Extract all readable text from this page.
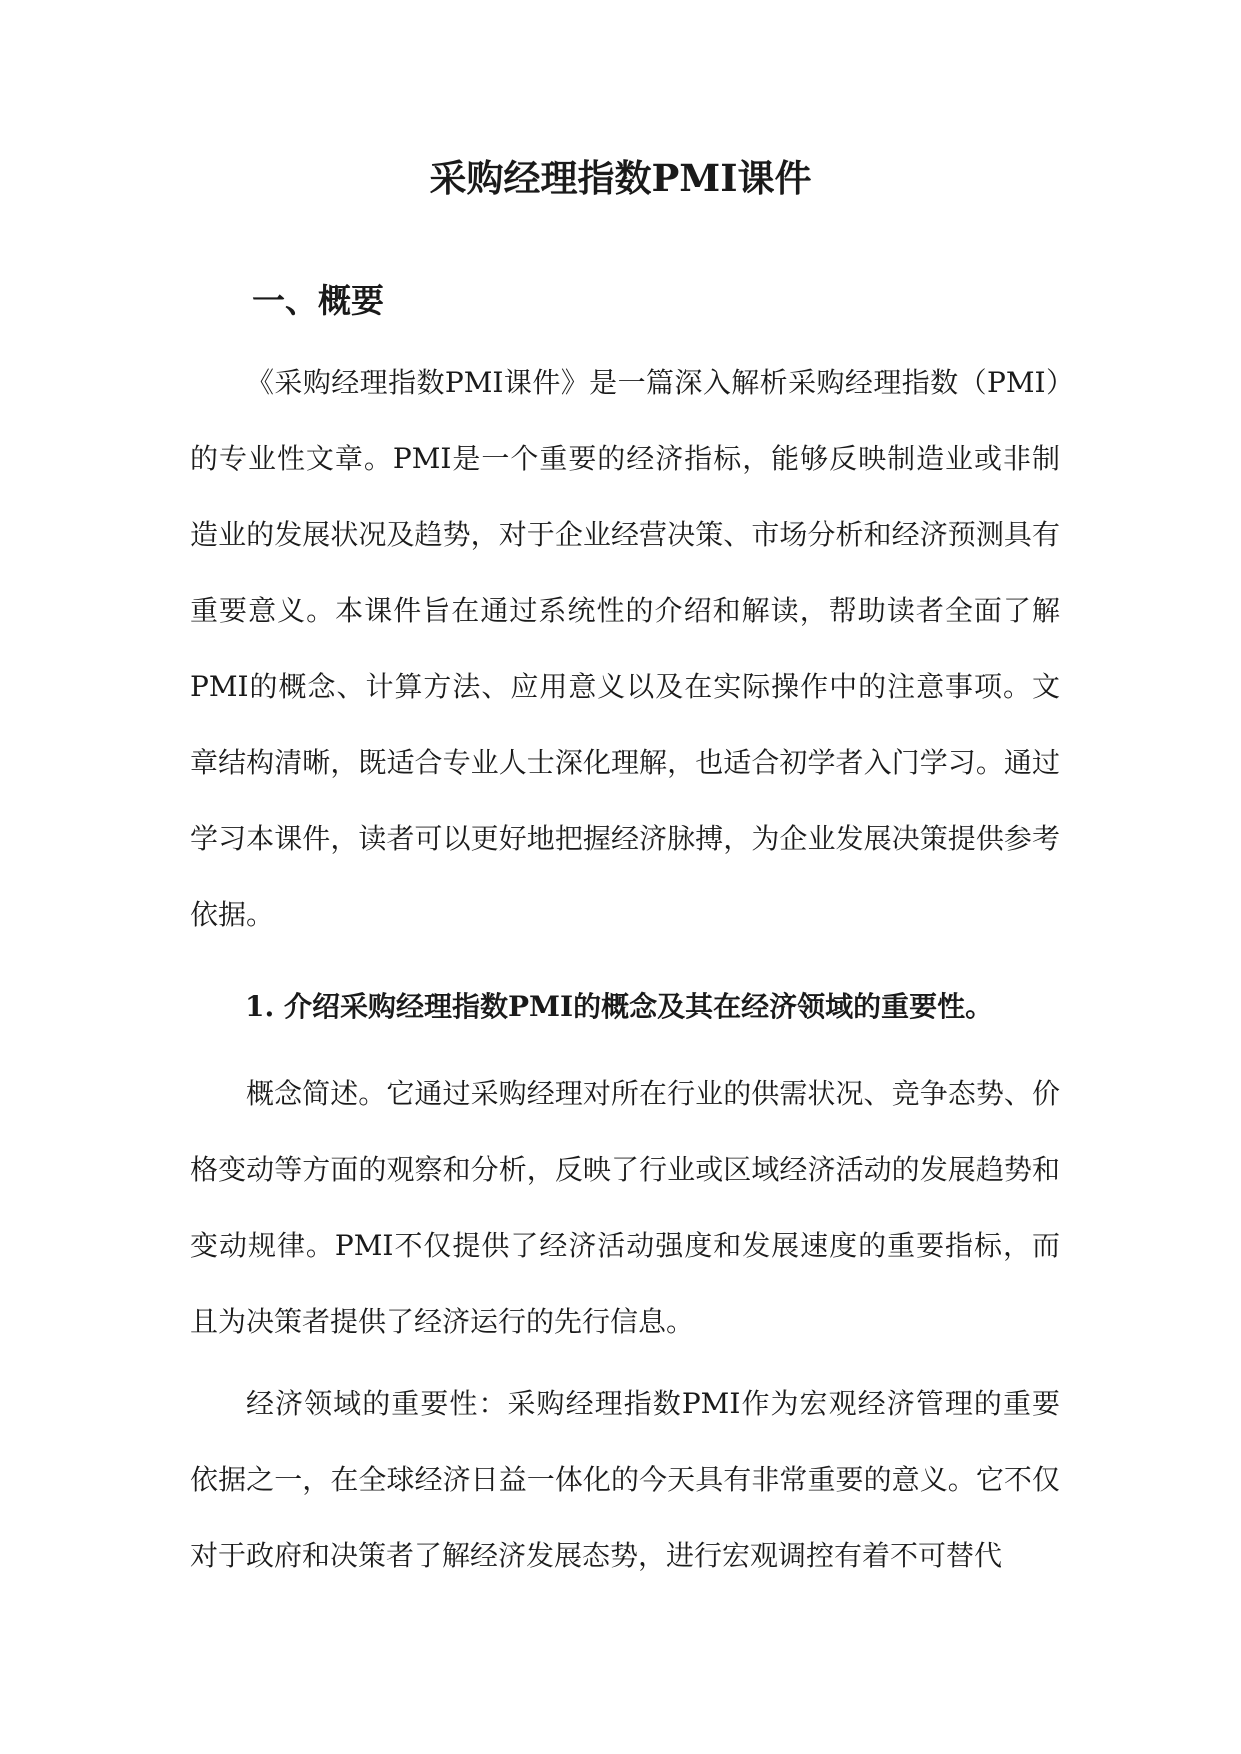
采购经理指数PMI课件
一、概要

《采购经理指数PMI课件》是一篇深入解析采购经理指数（PMI）的专业性文章。PMI是一个重要的经济指标，能够反映制造业或非制造业的发展状况及趋势，对于企业经营决策、市场分析和经济预测具有重要意义。本课件旨在通过系统性的介绍和解读，帮助读者全面了解PMI的概念、计算方法、应用意义以及在实际操作中的注意事项。文章结构清晰，既适合专业人士深化理解，也适合初学者入门学习。通过学习本课件，读者可以更好地把握经济脉搏，为企业发展决策提供参考依据。

1. 介绍采购经理指数PMI的概念及其在经济领域的重要性。

概念简述。它通过采购经理对所在行业的供需状况、竞争态势、价格变动等方面的观察和分析，反映了行业或区域经济活动的发展趋势和变动规律。PMI不仅提供了经济活动强度和发展速度的重要指标，而且为决策者提供了经济运行的先行信息。

经济领域的重要性：采购经理指数PMI作为宏观经济管理的重要依据之一，在全球经济日益一体化的今天具有非常重要的意义。它不仅对于政府和决策者了解经济发展态势，进行宏观调控有着不可替代
